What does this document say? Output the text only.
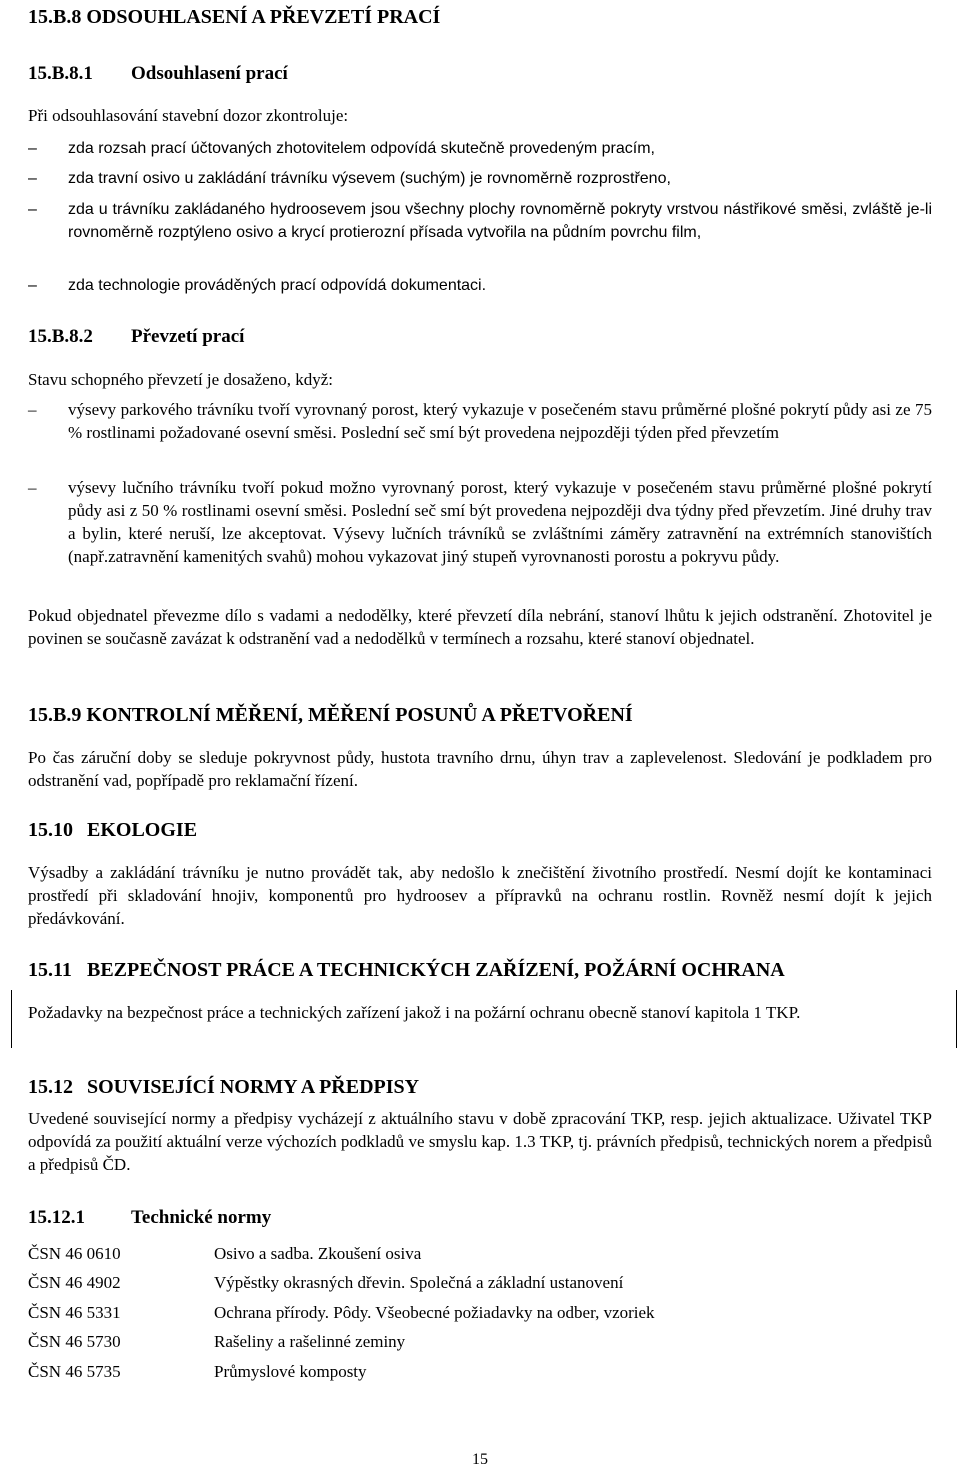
15.B.8 ODSOUHLASENÍ A PŘEVZETÍ PRACÍ
15.B.8.1 Odsouhlasení prací
Při odsouhlasování stavební dozor zkontroluje:
– zda rozsah prací účtovaných zhotovitelem odpovídá skutečně provedeným pracím,
– zda travní osivo u zakládání trávníku výsevem (suchým) je rovnoměrně rozprostřeno,
– zda u trávníku zakládaného hydroosevem jsou všechny plochy rovnoměrně pokryty vrstvou nástřikové směsi, zvláště je-li rovnoměrně rozptýleno osivo a krycí protierozní přísada vytvořila na půdním povrchu film,
– zda technologie prováděných prací odpovídá dokumentaci.
15.B.8.2 Převzetí prací
Stavu schopného převzetí je dosaženo, když:
– výsevy parkového trávníku tvoří vyrovnaný porost, který vykazuje v posečeném stavu průměrné plošné pokrytí půdy asi ze 75 % rostlinami požadované osevní směsi. Poslední seč smí být provedena nejpozději týden před převzetím
– výsevy lučního trávníku tvoří pokud možno vyrovnaný porost, který vykazuje v posečeném stavu průměrné plošné pokrytí půdy asi z 50 % rostlinami osevní směsi. Poslední seč smí být provedena nejpozději dva týdny před převzetím. Jiné druhy trav a bylin, které neruší, lze akceptovat. Výsevy lučních trávníků se zvláštními záměry zatravnění na extrémních stanovištích (např.zatravnění kamenitých svahů) mohou vykazovat jiný stupeň vyrovnanosti porostu a pokryvu půdy.
Pokud objednatel převezme dílo s vadami a nedodělky, které převzetí díla nebrání, stanoví lhůtu k jejich odstranění. Zhotovitel je povinen se současně zavázat k odstranění vad a nedodělků v termínech a rozsahu, které stanoví objednatel.
15.B.9 KONTROLNÍ MĚŘENÍ, MĚŘENÍ POSUNŮ A PŘETVOŘENÍ
Po čas záruční doby se sleduje pokryvnost půdy, hustota travního drnu, úhyn trav a zaplevelenost. Sledování je podkladem pro odstranění vad, popřípadě pro reklamační řízení.
15.10 EKOLOGIE
Výsadby a zakládání trávníku je nutno provádět tak, aby nedošlo k znečištění životního prostředí. Nesmí dojít ke kontaminaci prostředí při skladování hnojiv, komponentů pro hydroosev a přípravků na ochranu rostlin. Rovněž nesmí dojít k jejich předávkování.
15.11 BEZPEČNOST PRÁCE A TECHNICKÝCH ZAŘÍZENÍ, POŽÁRNÍ OCHRANA
Požadavky na bezpečnost práce a technických zařízení jakož i na požární ochranu obecně stanoví kapitola 1 TKP.
15.12 SOUVISEJÍCÍ NORMY A PŘEDPISY
Uvedené související normy a předpisy vycházejí z aktuálního stavu v době zpracování TKP, resp. jejich aktualizace. Uživatel TKP odpovídá za použití aktuální verze výchozích podkladů ve smyslu kap. 1.3 TKP, tj. právních předpisů, technických norem a předpisů a předpisů ČD.
15.12.1 Technické normy
ČSN 46 0610	Osivo a sadba. Zkoušení osiva
ČSN 46 4902	Výpěstky okrasných dřevin. Společná a základní ustanovení
ČSN 46 5331	Ochrana přírody. Pôdy. Všeobecné požiadavky na odber, vzoriek
ČSN 46 5730	Rašeliny a rašelinné zeminy
ČSN 46 5735	Průmyslové komposty
15
